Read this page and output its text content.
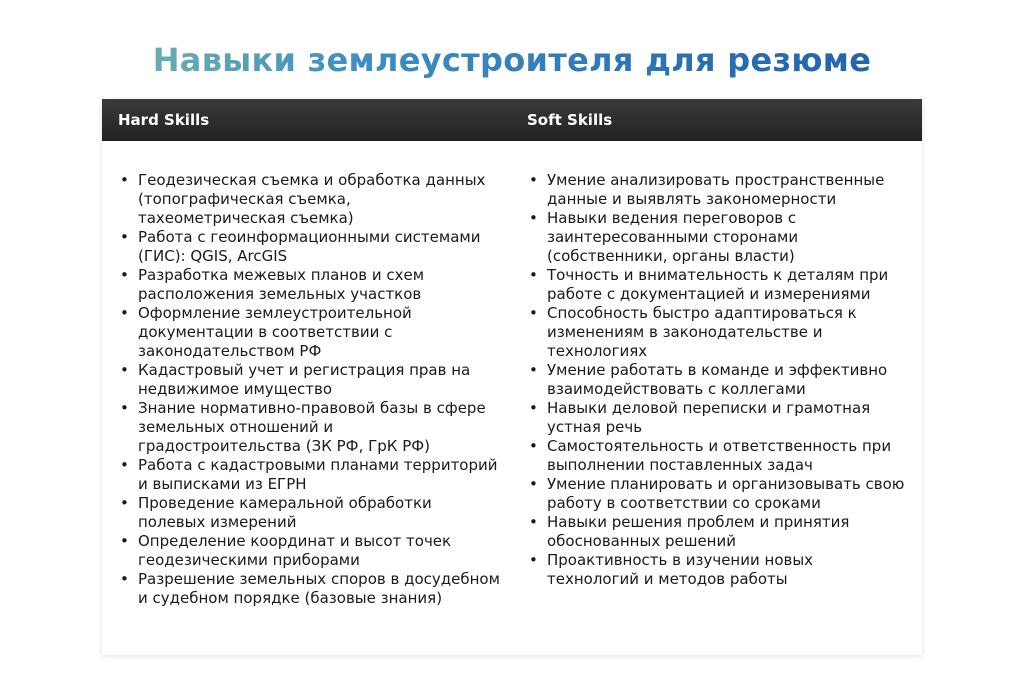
Навыки землеустроителя для резюме
Hard Skills	Soft Skills
• Геодезическая съемка и обработка данных (топографическая съемка, тахеометрическая съемка)
• Работа с геоинформационными системами (ГИС): QGIS, ArcGIS
• Разработка межевых планов и схем расположения земельных участков
• Оформление землеустроительной документации в соответствии с законодательством РФ
• Кадастровый учет и регистрация прав на недвижимое имущество
• Знание нормативно-правовой базы в сфере земельных отношений и градостроительства (ЗК РФ, ГрК РФ)
• Работа с кадастровыми планами территорий и выписками из ЕГРН
• Проведение камеральной обработки полевых измерений
• Определение координат и высот точек геодезическими приборами
• Разрешение земельных споров в досудебном и судебном порядке (базовые знания)
• Умение анализировать пространственные данные и выявлять закономерности
• Навыки ведения переговоров с заинтересованными сторонами (собственники, органы власти)
• Точность и внимательность к деталям при работе с документацией и измерениями
• Способность быстро адаптироваться к изменениям в законодательстве и технологиях
• Умение работать в команде и эффективно взаимодействовать с коллегами
• Навыки деловой переписки и грамотная устная речь
• Самостоятельность и ответственность при выполнении поставленных задач
• Умение планировать и организовывать свою работу в соответствии со сроками
• Навыки решения проблем и принятия обоснованных решений
• Проактивность в изучении новых технологий и методов работы
